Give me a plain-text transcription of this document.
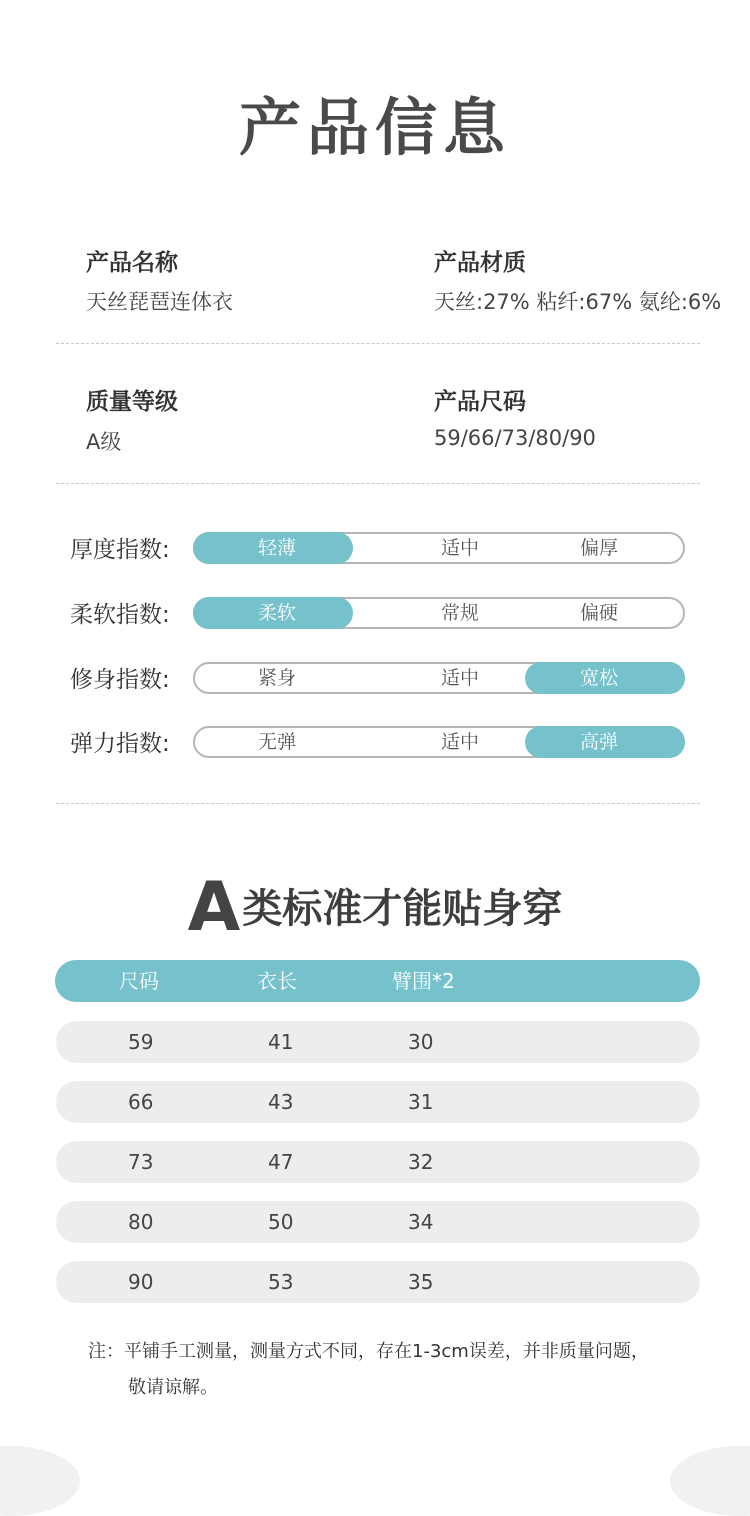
产品信息
产品名称
天丝琵琶连体衣
产品材质
天丝:27% 粘纤:67% 氨纶:6%
质量等级
A级
产品尺码
59/66/73/80/90
厚度指数:	轻薄	适中	偏厚
柔软指数:	柔软	常规	偏硬
修身指数:	紧身	适中	宽松
弹力指数:	无弹	适中	高弹
A类标准才能贴身穿
尺码	衣长	臂围*2
59	41	30
66	43	31
73	47	32
80	50	34
90	53	35
注：平铺手工测量，测量方式不同，存在1-3cm误差，并非质量问题，
敬请谅解。
